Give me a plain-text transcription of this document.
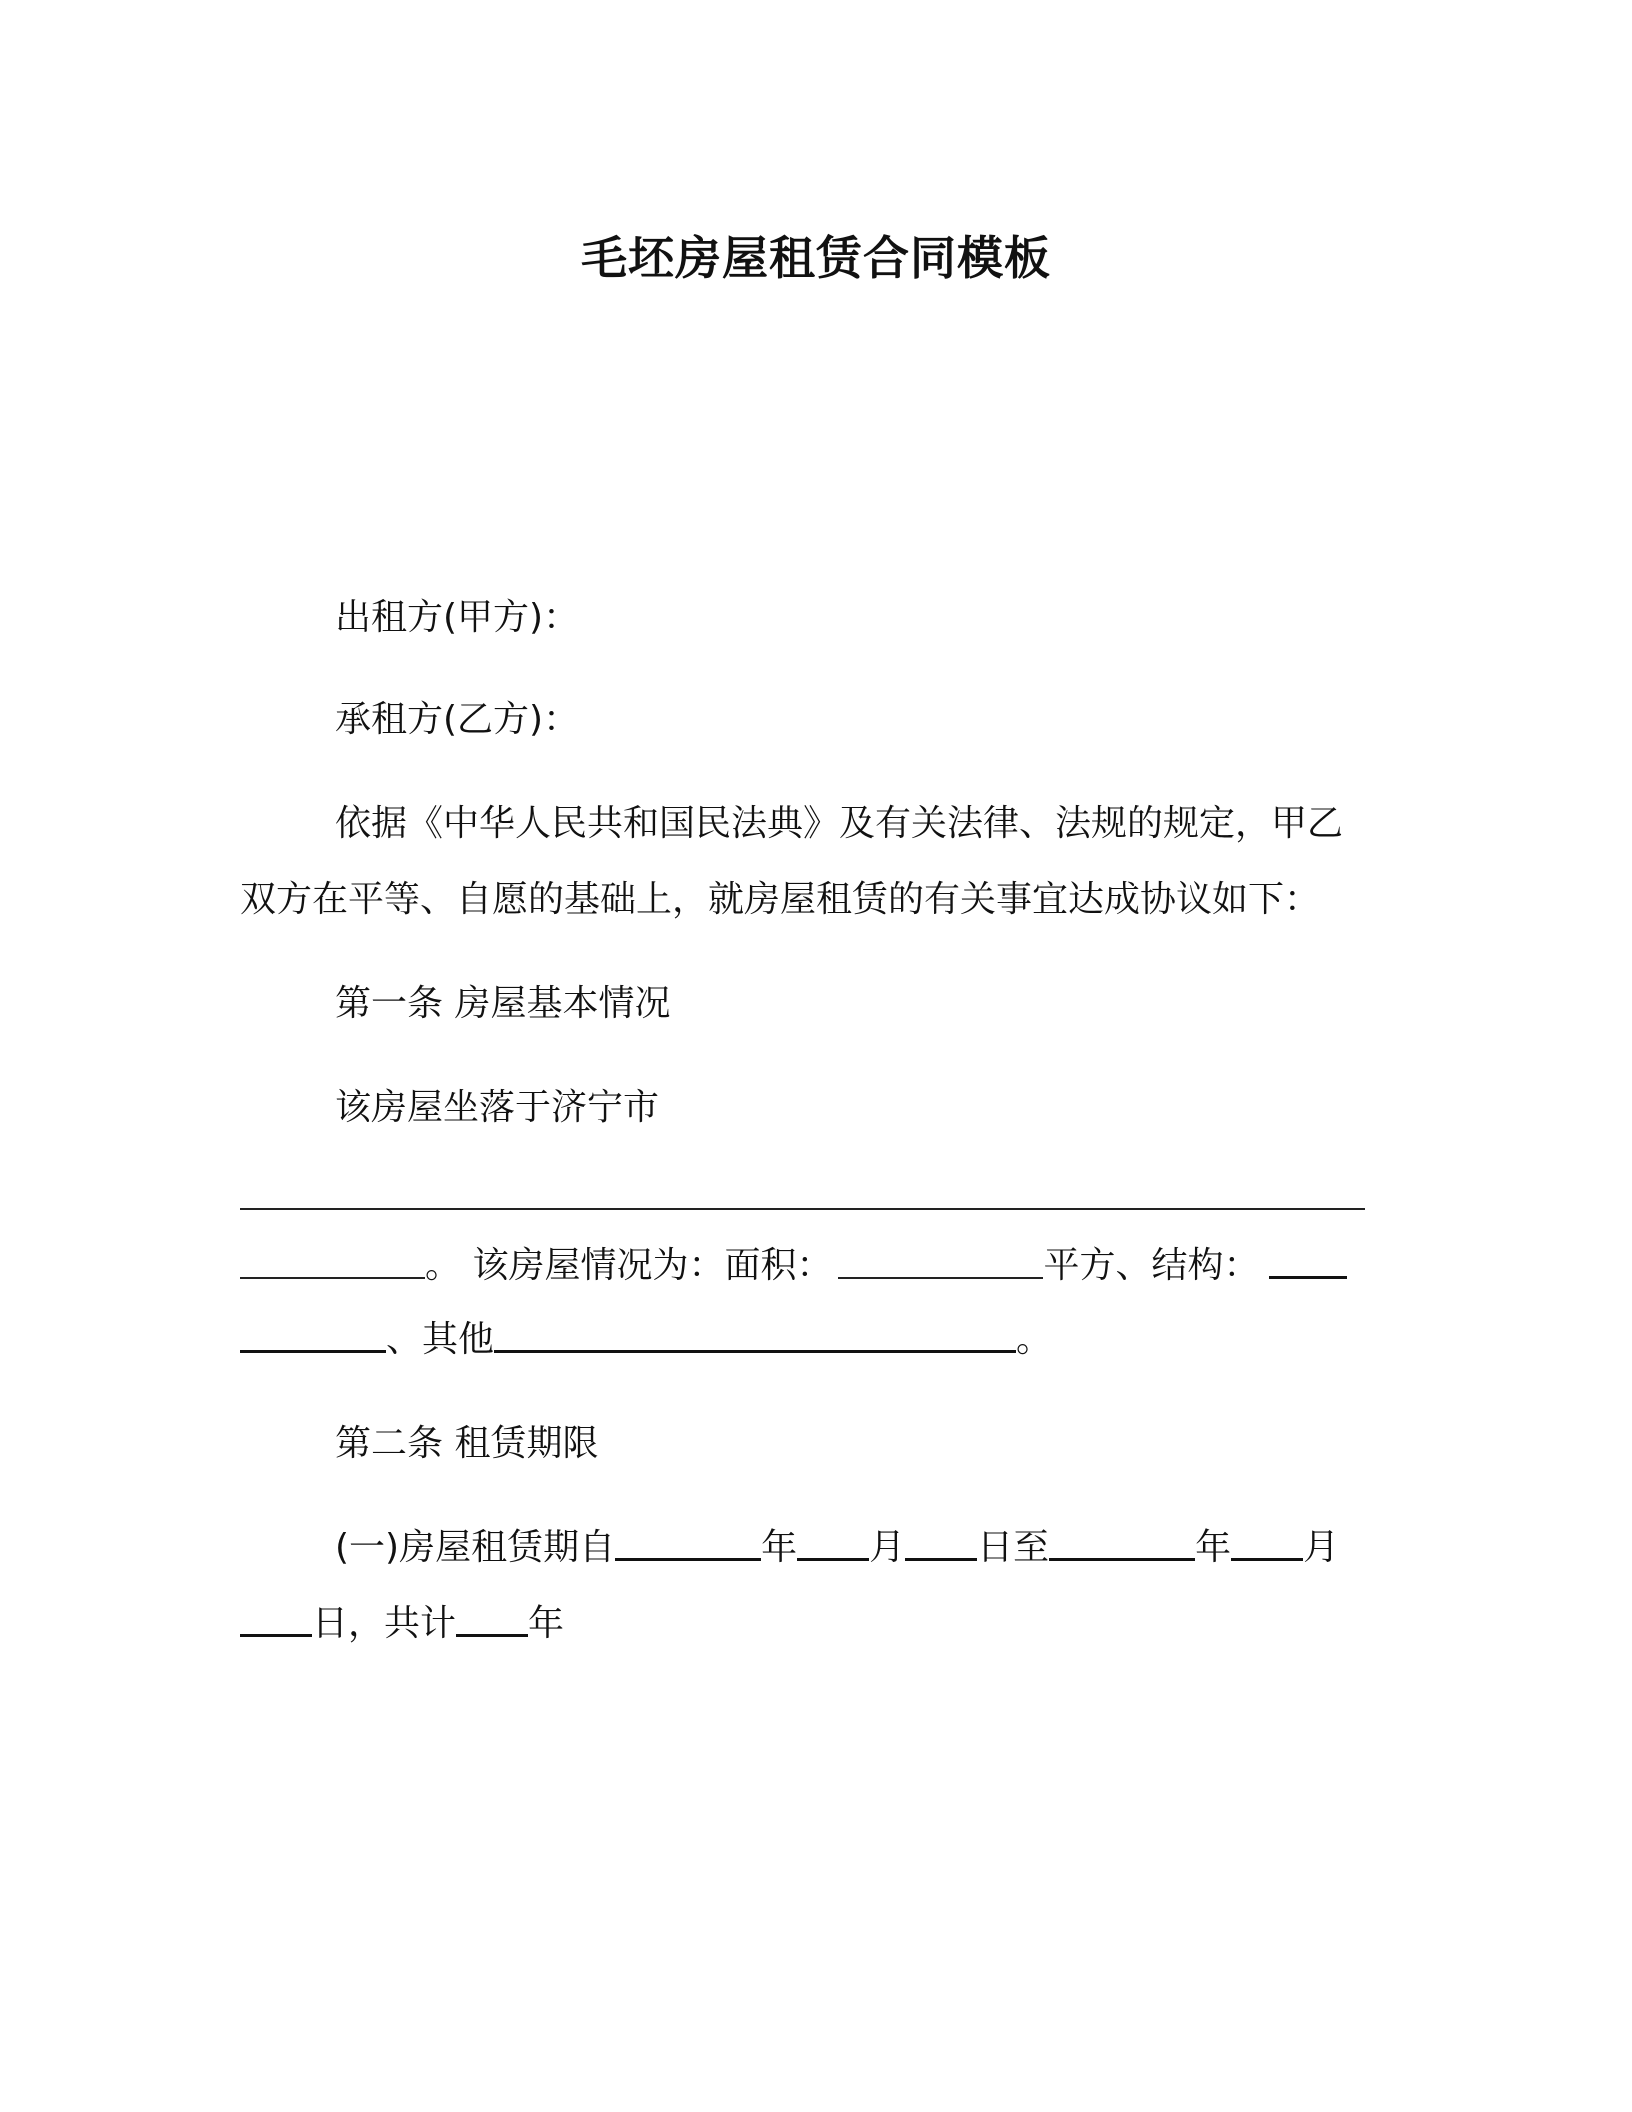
毛坯房屋租赁合同模板
出租方(甲方)：
承租方(乙方)：
依据《中华人民共和国民法典》及有关法律、法规的规定，甲乙
双方在平等、自愿的基础上，就房屋租赁的有关事宜达成协议如下：
第一条 房屋基本情况
该房屋坐落于济宁市
。 该房屋情况为：面积：	平方、结构：
、其他	。
第二条 租赁期限
(一)房屋租赁期自	年 月 日至	年 月
日，共计 年
